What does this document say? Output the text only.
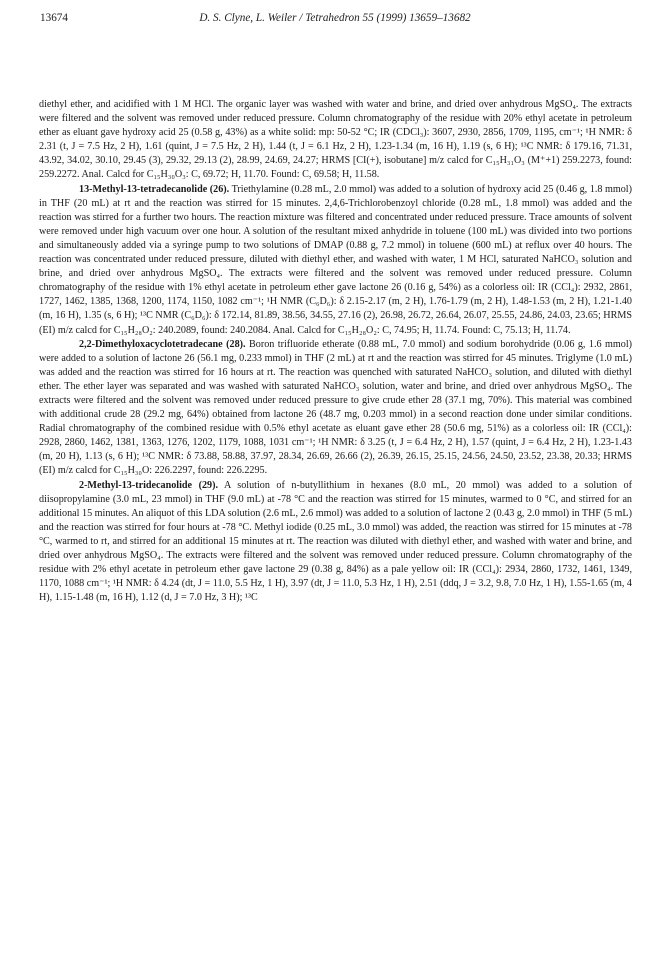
13674	D. S. Clyne, L. Weiler / Tetrahedron 55 (1999) 13659–13682

diethyl ether, and acidified with 1 M HCl. The organic layer was washed with water and brine, and dried over anhydrous MgSO₄. The extracts were filtered and the solvent was removed under reduced pressure. Column chromatography of the residue with 20% ethyl acetate in petroleum ether as eluant gave hydroxy acid 25 (0.58 g, 43%) as a white solid: mp: 50-52 °C; IR (CDCl₃): 3607, 2930, 2856, 1709, 1195, cm⁻¹; ¹H NMR: δ 2.31 (t, J = 7.5 Hz, 2 H), 1.61 (quint, J = 7.5 Hz, 2 H), 1.44 (t, J = 6.1 Hz, 2 H), 1.23-1.34 (m, 16 H), 1.19 (s, 6 H); ¹³C NMR: δ 179.16, 71.31, 43.92, 34.02, 30.10, 29.45 (3), 29.32, 29.13 (2), 28.99, 24.69, 24.27; HRMS [CI(+), isobutane] m/z calcd for C₁₅H₃₁O₃ (M⁺+1) 259.2273, found: 259.2272. Anal. Calcd for C₁₅H₃₀O₃: C, 69.72; H, 11.70. Found: C, 69.58; H, 11.58.

13-Methyl-13-tetradecanolide (26). Triethylamine (0.28 mL, 2.0 mmol) was added to a solution of hydroxy acid 25 (0.46 g, 1.8 mmol) in THF (20 mL) at rt and the reaction was stirred for 15 minutes. 2,4,6-Trichlorobenzoyl chloride (0.28 mL, 1.8 mmol) was added and the reaction was stirred for a further two hours. The reaction mixture was filtered and concentrated under reduced pressure. Trace amounts of solvent were removed under high vacuum over one hour. A solution of the resultant mixed anhydride in toluene (100 mL) was divided into two portions and simultaneously added via a syringe pump to two solutions of DMAP (0.88 g, 7.2 mmol) in toluene (600 mL) at reflux over 40 hours. The reaction was concentrated under reduced pressure, diluted with diethyl ether, and washed with water, 1 M HCl, saturated NaHCO₃ solution and brine, and dried over anhydrous MgSO₄. The extracts were filtered and the solvent was removed under reduced pressure. Column chromatography of the residue with 1% ethyl acetate in petroleum ether gave lactone 26 (0.16 g, 54%) as a colorless oil: IR (CCl₄): 2932, 2861, 1727, 1462, 1385, 1368, 1200, 1174, 1150, 1082 cm⁻¹; ¹H NMR (C₆D₆): δ 2.15-2.17 (m, 2 H), 1.76-1.79 (m, 2 H), 1.48-1.53 (m, 2 H), 1.21-1.40 (m, 16 H), 1.35 (s, 6 H); ¹³C NMR (C₆D₆): δ 172.14, 81.89, 38.56, 34.55, 27.16 (2), 26.98, 26.72, 26.64, 26.07, 25.55, 24.86, 24.03, 23.65; HRMS (EI) m/z calcd for C₁₅H₂₈O₂: 240.2089, found: 240.2084. Anal. Calcd for C₁₅H₂₈O₂: C, 74.95; H, 11.74. Found: C, 75.13; H, 11.74.

2,2-Dimethyloxacyclotetradecane (28). Boron trifluoride etherate (0.88 mL, 7.0 mmol) and sodium borohydride (0.06 g, 1.6 mmol) were added to a solution of lactone 26 (56.1 mg, 0.233 mmol) in THF (2 mL) at rt and the reaction was stirred for 45 minutes. Triglyme (1.0 mL) was added and the reaction was stirred for 16 hours at rt. The reaction was quenched with saturated NaHCO₃ solution, and diluted with diethyl ether. The ether layer was separated and was washed with saturated NaHCO₃ solution, water and brine, and dried over anhydrous MgSO₄. The extracts were filtered and the solvent was removed under reduced pressure to give crude ether 28 (37.1 mg, 70%). This material was combined with additional crude 28 (29.2 mg, 64%) obtained from lactone 26 (48.7 mg, 0.203 mmol) in a second reaction done under similar conditions. Radial chromatography of the combined residue with 0.5% ethyl acetate as eluant gave ether 28 (50.6 mg, 51%) as a colorless oil: IR (CCl₄): 2928, 2860, 1462, 1381, 1363, 1276, 1202, 1179, 1088, 1031 cm⁻¹; ¹H NMR: δ 3.25 (t, J = 6.4 Hz, 2 H), 1.57 (quint, J = 6.4 Hz, 2 H), 1.23-1.43 (m, 20 H), 1.13 (s, 6 H); ¹³C NMR: δ 73.88, 58.88, 37.97, 28.34, 26.69, 26.66 (2), 26.39, 26.15, 25.15, 24.56, 24.50, 23.52, 23.38, 20.33; HRMS (EI) m/z calcd for C₁₅H₃₀O: 226.2297, found: 226.2295.

2-Methyl-13-tridecanolide (29). A solution of n-butyllithium in hexanes (8.0 mL, 20 mmol) was added to a solution of diisopropylamine (3.0 mL, 23 mmol) in THF (9.0 mL) at -78 °C and the reaction was stirred for 15 minutes, warmed to 0 °C, and stirred for an additional 15 minutes. An aliquot of this LDA solution (2.6 mL, 2.6 mmol) was added to a solution of lactone 2 (0.43 g, 2.0 mmol) in THF (5 mL) and the reaction was stirred for four hours at -78 °C. Methyl iodide (0.25 mL, 3.0 mmol) was added, the reaction was stirred for 15 minutes at -78 °C, warmed to rt, and stirred for an additional 15 minutes at rt. The reaction was diluted with diethyl ether, and washed with water and brine, and dried over anhydrous MgSO₄. The extracts were filtered and the solvent was removed under reduced pressure. Column chromatography of the residue with 2% ethyl acetate in petroleum ether gave lactone 29 (0.38 g, 84%) as a pale yellow oil: IR (CCl₄): 2934, 2860, 1732, 1461, 1349, 1170, 1088 cm⁻¹; ¹H NMR: δ 4.24 (dt, J = 11.0, 5.5 Hz, 1 H), 3.97 (dt, J = 11.0, 5.3 Hz, 1 H), 2.51 (ddq, J = 3.2, 9.8, 7.0 Hz, 1 H), 1.55-1.65 (m, 4 H), 1.15-1.48 (m, 16 H), 1.12 (d, J = 7.0 Hz, 3 H); ¹³C
